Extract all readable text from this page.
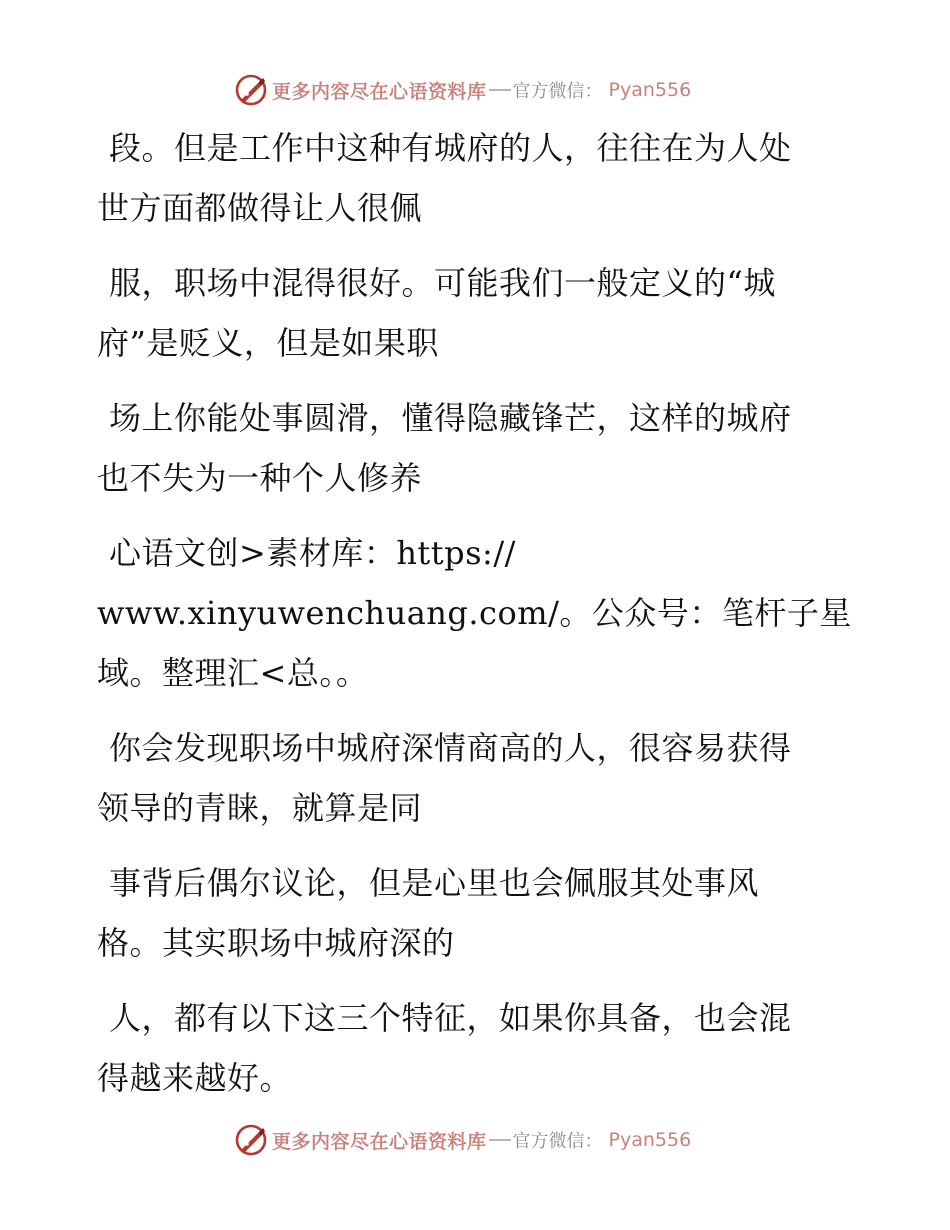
更多内容尽在心语资料库 官方微信： Pyan556

段。但是工作中这种有城府的人，往往在为人处
世方面都做得让人很佩

服，职场中混得很好。可能我们一般定义的“城
府”是贬义，但是如果职

场上你能处事圆滑，懂得隐藏锋芒，这样的城府
也不失为一种个人修养

心语文创>素材库：https://
www.xinyuwenchuang.com/。公众号：笔杆子星
域。整理汇<总。。

你会发现职场中城府深情商高的人，很容易获得
领导的青睐，就算是同

事背后偶尔议论，但是心里也会佩服其处事风
格。其实职场中城府深的

人，都有以下这三个特征，如果你具备，也会混
得越来越好。

更多内容尽在心语资料库 官方微信： Pyan556
